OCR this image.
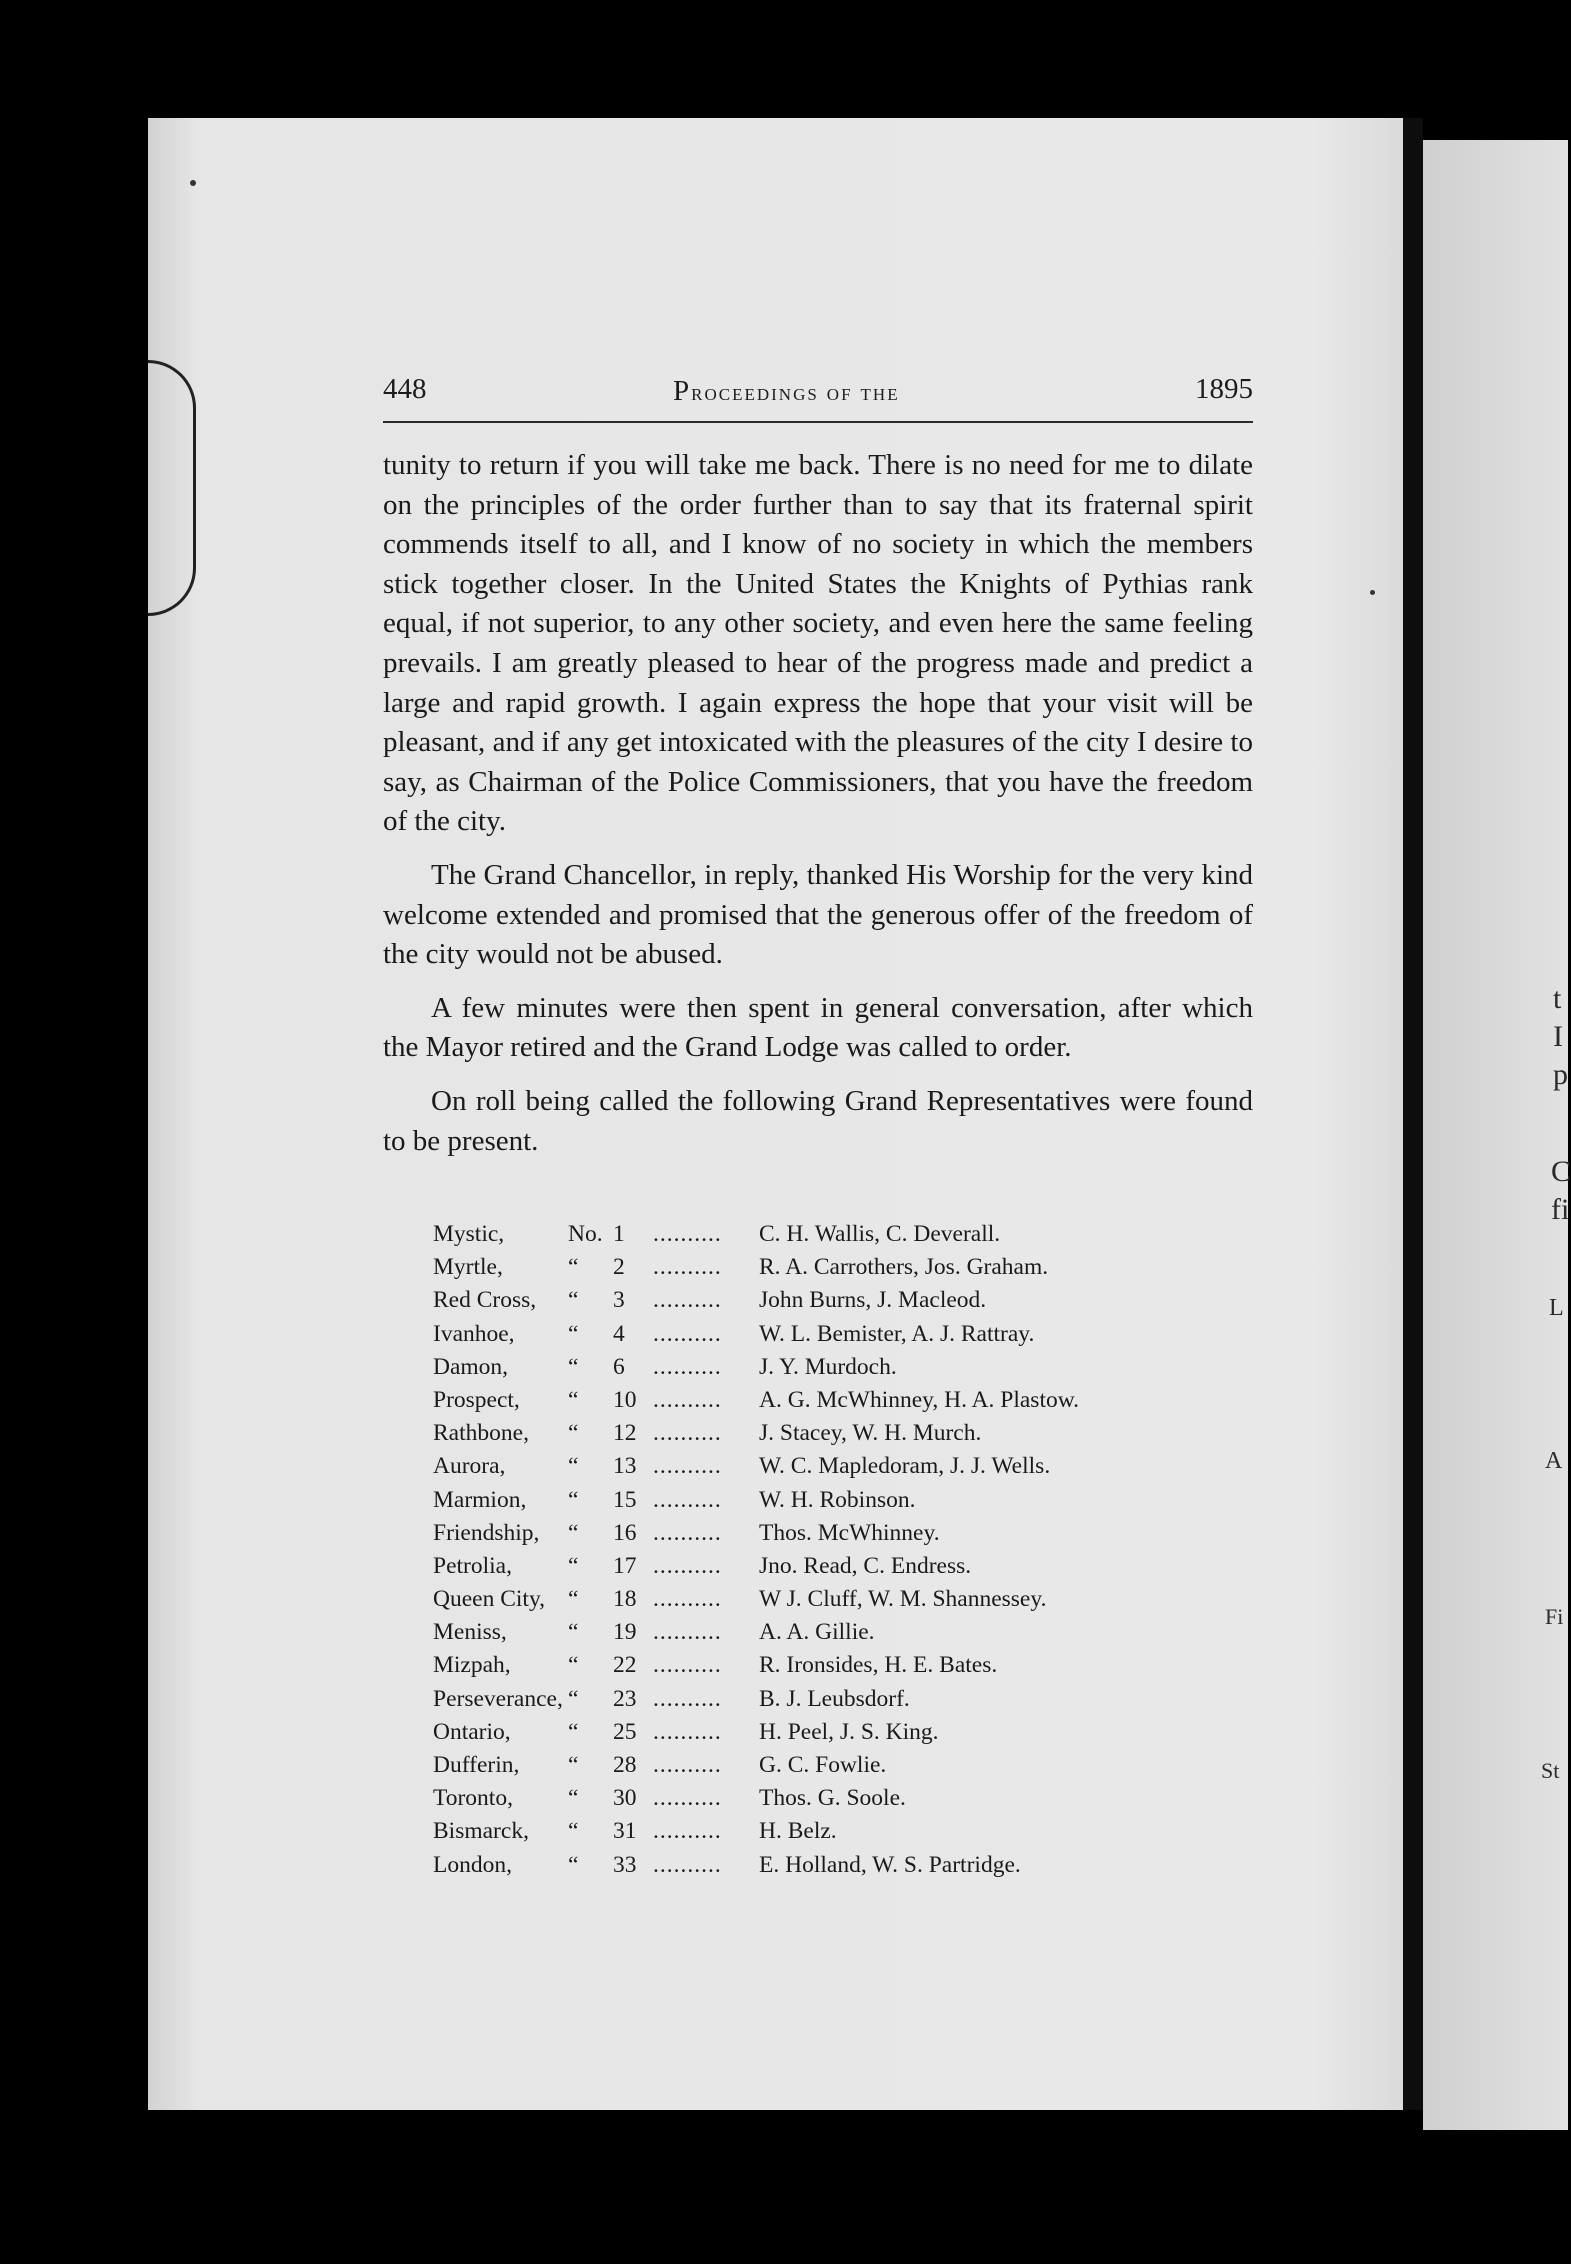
t
I
p
C
fi
L
A
Fi
St
448	Proceedings of the	1895

tunity to return if you will take me back. There is no need for me to dilate on the principles of the order further than to say that its fraternal spirit commends itself to all, and I know of no society in which the members stick together closer. In the United States the Knights of Pythias rank equal, if not superior, to any other society, and even here the same feeling prevails. I am greatly pleased to hear of the progress made and predict a large and rapid growth. I again express the hope that your visit will be pleasant, and if any get intoxicated with the pleasures of the city I desire to say, as Chairman of the Police Commissioners, that you have the freedom of the city.

The Grand Chancellor, in reply, thanked His Worship for the very kind welcome extended and promised that the generous offer of the freedom of the city would not be abused.

A few minutes were then spent in general conversation, after which the Mayor retired and the Grand Lodge was called to order.

On roll being called the following Grand Representatives were found to be present.

Mystic,	No. 1	..........	C. H. Wallis, C. Deverall.
Myrtle,	“	2	..........	R. A. Carrothers, Jos. Graham.
Red Cross,	“	3	..........	John Burns, J. Macleod.
Ivanhoe,	“	4	..........	W. L. Bemister, A. J. Rattray.
Damon,	“	6	..........	J. Y. Murdoch.
Prospect,	“	10 ..........	A. G. McWhinney, H. A. Plastow.
Rathbone,	“	12 ..........	J. Stacey, W. H. Murch.
Aurora,	“	13 ..........	W. C. Mapledoram, J. J. Wells.
Marmion,	“	15 ..........	W. H. Robinson.
Friendship,	“	16 ..........	Thos. McWhinney.
Petrolia,	“	17 ..........	Jno. Read, C. Endress.
Queen City, “	18 ..........	W J. Cluff, W. M. Shannessey.
Meniss,	“	19 ..........	A. A. Gillie.
Mizpah,	“	22 ..........	R. Ironsides, H. E. Bates.
Perseverance, “	23 ..........	B. J. Leubsdorf.
Ontario,	“	25 ..........	H. Peel, J. S. King.
Dufferin,	“	28 ..........	G. C. Fowlie.
Toronto,	“	30 ..........	Thos. G. Soole.
Bismarck,	“	31 ..........	H. Belz.
London,	“	33 ..........	E. Holland, W. S. Partridge.
